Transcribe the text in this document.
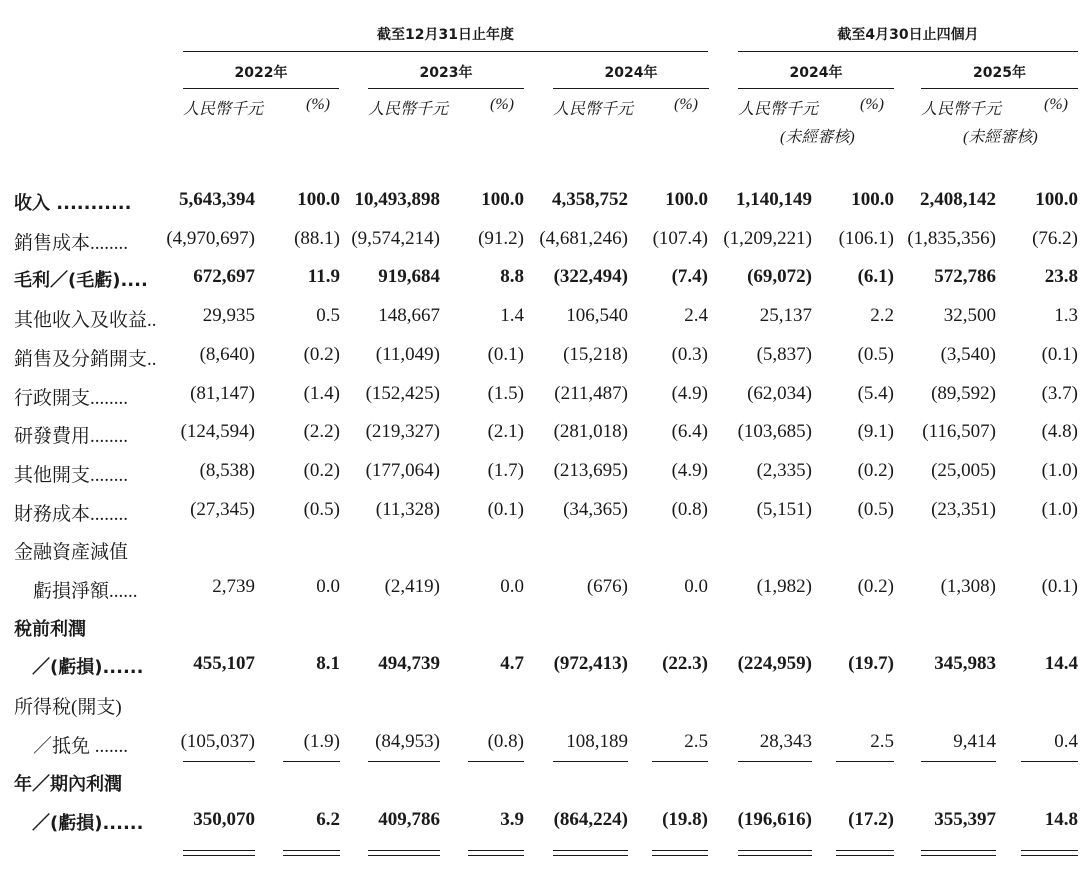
截至12月31日止年度	截至4月30日止四個月
2022年
人民幣千元	(%)
2023年
人民幣千元	(%)
2024年
人民幣千元	(%)
2024年
人民幣千元	(%)
(未經審核)
2025年
人民幣千元	(%)
(未經審核)
收入 ...........	5,643,394	100.0 10,493,898	100.0	4,358,752	100.0	1,140,149	100.0	2,408,142	100.0
銷售成本........	(4,970,697)	(88.1) (9,574,214)	(91.2) (4,681,246)	(107.4) (1,209,221)	(106.1) (1,835,356)	(76.2)
毛利／(毛虧)....	672,697	11.9	919,684	8.8	(322,494)	(7.4)	(69,072)	(6.1)	572,786	23.8
其他收入及收益..	29,935	0.5	148,667	1.4	106,540	2.4	25,137	2.2	32,500	1.3
銷售及分銷開支..	(8,640)	(0.2)	(11,049)	(0.1)	(15,218)	(0.3)	(5,837)	(0.5)	(3,540)	(0.1)
行政開支........	(81,147)	(1.4)	(152,425)	(1.5)	(211,487)	(4.9)	(62,034)	(5.4)	(89,592)	(3.7)
研發費用........	(124,594)	(2.2)	(219,327)	(2.1)	(281,018)	(6.4)	(103,685)	(9.1)	(116,507)	(4.8)
其他開支........	(8,538)	(0.2)	(177,064)	(1.7)	(213,695)	(4.9)	(2,335)	(0.2)	(25,005)	(1.0)
財務成本........	(27,345)	(0.5)	(11,328)	(0.1)	(34,365)	(0.8)	(5,151)	(0.5)	(23,351)	(1.0)
金融資產減值
　虧損淨額......	2,739	0.0	(2,419)	0.0	(676)	0.0	(1,982)	(0.2)	(1,308)	(0.1)
稅前利潤
　／(虧損)......	455,107	8.1	494,739	4.7	(972,413)	(22.3)	(224,959)	(19.7)	345,983	14.4
所得稅(開支)
　／抵免 .......	(105,037)	(1.9)	(84,953)	(0.8)	108,189	2.5	28,343	2.5	9,414	0.4
年／期內利潤
　／(虧損)......	350,070	6.2	409,786	3.9	(864,224)	(19.8)	(196,616)	(17.2)	355,397	14.8
